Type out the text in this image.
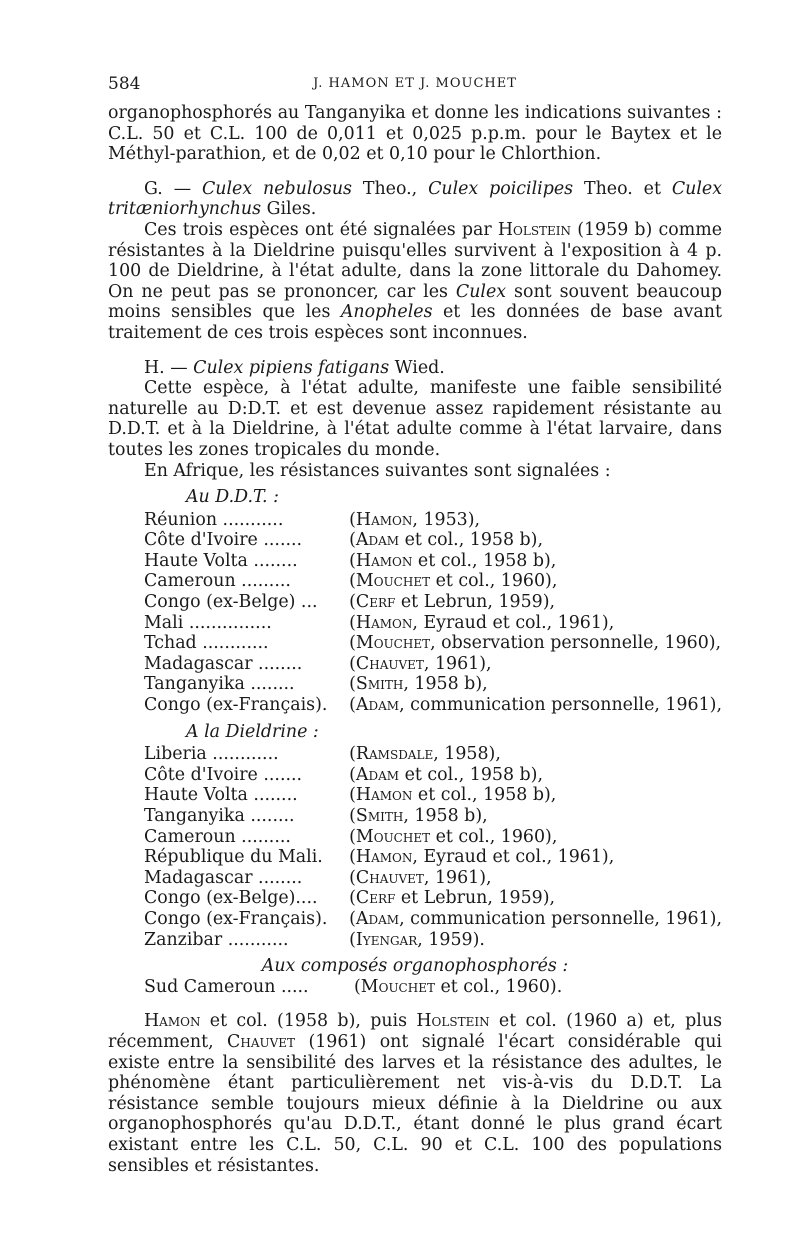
584	J. HAMON ET J. MOUCHET

organophosphorés au Tanganyika et donne les indications suivantes : C.L. 50 et C.L. 100 de 0,011 et 0,025 p.p.m. pour le Baytex et le Méthyl-parathion, et de 0,02 et 0,10 pour le Chlorthion.

G. — Culex nebulosus Theo., Culex poicilipes Theo. et Culex tritæniorhynchus Giles.

Ces trois espèces ont été signalées par Holstein (1959 b) comme résistantes à la Dieldrine puisqu'elles survivent à l'exposition à 4 p. 100 de Dieldrine, à l'état adulte, dans la zone littorale du Dahomey. On ne peut pas se prononcer, car les Culex sont souvent beaucoup moins sensibles que les Anopheles et les données de base avant traitement de ces trois espèces sont inconnues.

H. — Culex pipiens fatigans Wied.

Cette espèce, à l'état adulte, manifeste une faible sensibilité naturelle au D:D.T. et est devenue assez rapidement résistante au D.D.T. et à la Dieldrine, à l'état adulte comme à l'état larvaire, dans toutes les zones tropicales du monde.

En Afrique, les résistances suivantes sont signalées :

Au D.D.T. :
Réunion ...........	(Hamon, 1953),
Côte d'Ivoire .......	(Adam et col., 1958 b),
Haute Volta ........	(Hamon et col., 1958 b),
Cameroun .........	(Mouchet et col., 1960),
Congo (ex-Belge) ...	(Cerf et Lebrun, 1959),
Mali ...............	(Hamon, Eyraud et col., 1961),
Tchad ............	(Mouchet, observation personnelle, 1960),
Madagascar ........	(Chauvet, 1961),
Tanganyika ........	(Smith, 1958 b),
Congo (ex-Français).	(Adam, communication personnelle, 1961),
A la Dieldrine :
Liberia ............	(Ramsdale, 1958),
Côte d'Ivoire .......	(Adam et col., 1958 b),
Haute Volta ........	(Hamon et col., 1958 b),
Tanganyika ........	(Smith, 1958 b),
Cameroun .........	(Mouchet et col., 1960),
République du Mali.	(Hamon, Eyraud et col., 1961),
Madagascar ........	(Chauvet, 1961),
Congo (ex-Belge)....	(Cerf et Lebrun, 1959),
Congo (ex-Français).	(Adam, communication personnelle, 1961),
Zanzibar ...........	(Iyengar, 1959).
Aux composés organophosphorés :
Sud Cameroun .....	(Mouchet et col., 1960).

Hamon et col. (1958 b), puis Holstein et col. (1960 a) et, plus récemment, Chauvet (1961) ont signalé l'écart considérable qui existe entre la sensibilité des larves et la résistance des adultes, le phénomène étant particulièrement net vis-à-vis du D.D.T. La résistance semble toujours mieux définie à la Dieldrine ou aux organophosphorés qu'au D.D.T., étant donné le plus grand écart existant entre les C.L. 50, C.L. 90 et C.L. 100 des populations sensibles et résistantes.
